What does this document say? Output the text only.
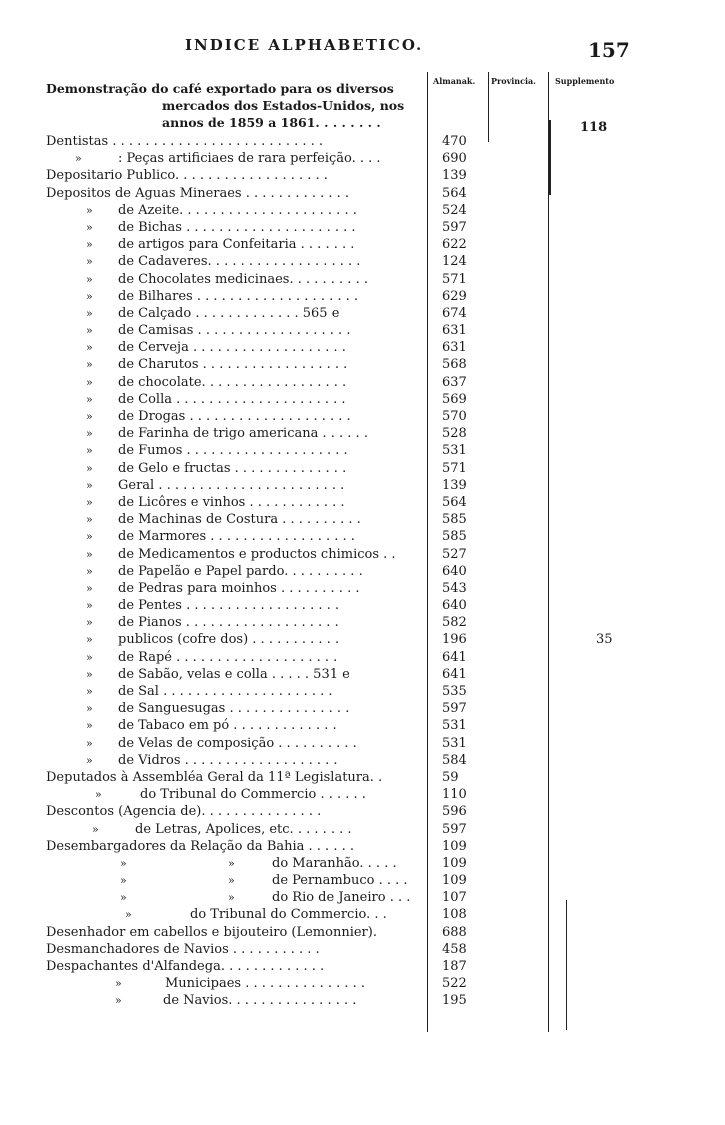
INDICE ALPHABETICO.	157
Almanak. Provincia. Supplemento
Demonstração do café exportado para os diversos
mercados dos Estados-Unidos, nos
annos de 1859 a 1861. . . . . . . .	118
Dentistas . . . . . . . . . . . . . . . . . . . . . . . . . .	470
»	: Peças artificiaes de rara perfeição. . . .	690
Depositario Publico. . . . . . . . . . . . . . . . . . .	139
Depositos de Aguas Mineraes . . . . . . . . . . . . .	564
» de Azeite. . . . . . . . . . . . . . . . . . . . . .	524
» de Bichas . . . . . . . . . . . . . . . . . . . . .	597
» de artigos para Confeitaria . . . . . . .	622
» de Cadaveres. . . . . . . . . . . . . . . . . . .	124
» de Chocolates medicinaes. . . . . . . . . .	571
» de Bilhares . . . . . . . . . . . . . . . . . . . .	629
» de Calçado . . . . . . . . . . . . . 565 e	674
» de Camisas . . . . . . . . . . . . . . . . . . .	631
» de Cerveja . . . . . . . . . . . . . . . . . . .	631
» de Charutos . . . . . . . . . . . . . . . . . .	568
» de chocolate. . . . . . . . . . . . . . . . . .	637
» de Colla . . . . . . . . . . . . . . . . . . . . .	569
» de Drogas . . . . . . . . . . . . . . . . . . . .	570
» de Farinha de trigo americana . . . . . .	528
» de Fumos . . . . . . . . . . . . . . . . . . . .	531
» de Gelo e fructas . . . . . . . . . . . . . .	571
» Geral . . . . . . . . . . . . . . . . . . . . . . .	139
» de Licôres e vinhos . . . . . . . . . . . .	564
» de Machinas de Costura . . . . . . . . . .	585
» de Marmores . . . . . . . . . . . . . . . . . .	585
» de Medicamentos e productos chimicos . .	527
» de Papelão e Papel pardo. . . . . . . . . .	640
» de Pedras para moinhos . . . . . . . . . .	543
» de Pentes . . . . . . . . . . . . . . . . . . .	640
» de Pianos . . . . . . . . . . . . . . . . . . .	582
» publicos (cofre dos) . . . . . . . . . . .	196	35
» de Rapé . . . . . . . . . . . . . . . . . . . .	641
» de Sabão, velas e colla . . . . . 531 e	641
» de Sal . . . . . . . . . . . . . . . . . . . . .	535
» de Sanguesugas . . . . . . . . . . . . . . .	597
» de Tabaco em pó . . . . . . . . . . . . .	531
» de Velas de composição . . . . . . . . . .	531
» de Vidros . . . . . . . . . . . . . . . . . . .	584
Deputados à Assembléa Geral da 11ª Legislatura. .	59
»	do Tribunal do Commercio . . . . . .	110
Descontos (Agencia de). . . . . . . . . . . . . . .	596
»	de Letras, Apolices, etc. . . . . . . .	597
Desembargadores da Relação da Bahia . . . . . .	109
»	»	do Maranhão. . . . .	109
»	»	de Pernambuco . . . .	109
»	»	do Rio de Janeiro . . .	107
»	do Tribunal do Commercio. . .	108
Desenhador em cabellos e bijouteiro (Lemonnier).	688
Desmanchadores de Navios . . . . . . . . . . .	458
Despachantes d'Alfandega. . . . . . . . . . . . .	187
»	Municipaes . . . . . . . . . . . . . . .	522
»	de Navios. . . . . . . . . . . . . . . .	195
